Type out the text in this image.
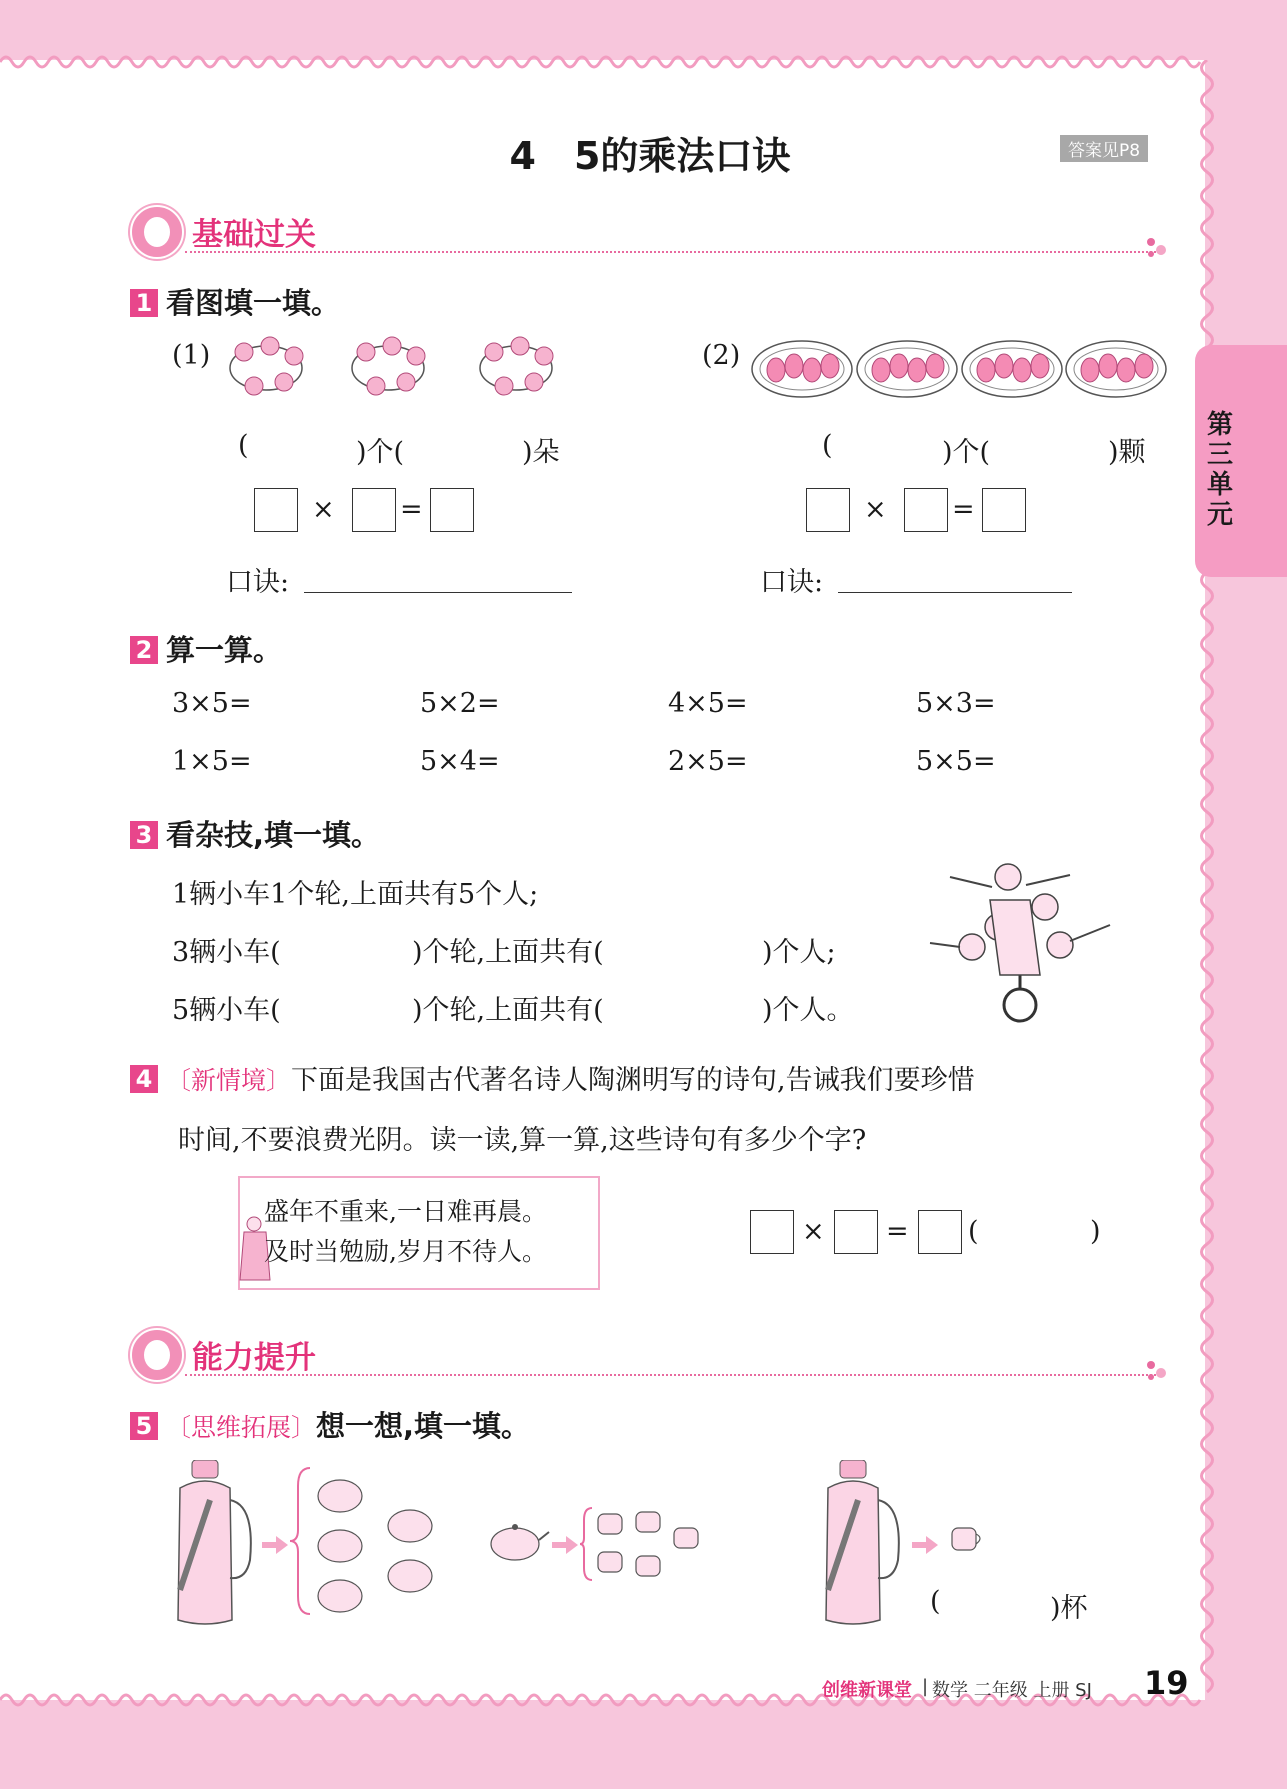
第三单元
4　5的乘法口诀	答案见P8
基础过关
1 看图填一填。
(1)
(	)个(	)朵
× =
口诀:
(2)
(	)个(	)颗
× =
口诀:
2 算一算。
3×5=	5×2=	4×5=	5×3=
1×5=	5×4=	2×5=	5×5=
3 看杂技,填一填。
1辆小车1个轮,上面共有5个人;
3辆小车(	)个轮,上面共有(	)个人;
5辆小车(	)个轮,上面共有(	)个人。
4 〔新情境〕下面是我国古代著名诗人陶渊明写的诗句,告诫我们要珍惜
时间,不要浪费光阴。读一读,算一算,这些诗句有多少个字?
盛年不重来,一日难再晨。
及时当勉励,岁月不待人。
× = (	)
能力提升
5 〔思维拓展〕想一想,填一填。
(	)杯
创维新课堂 | 数学 二年级 上册 SJ 19
